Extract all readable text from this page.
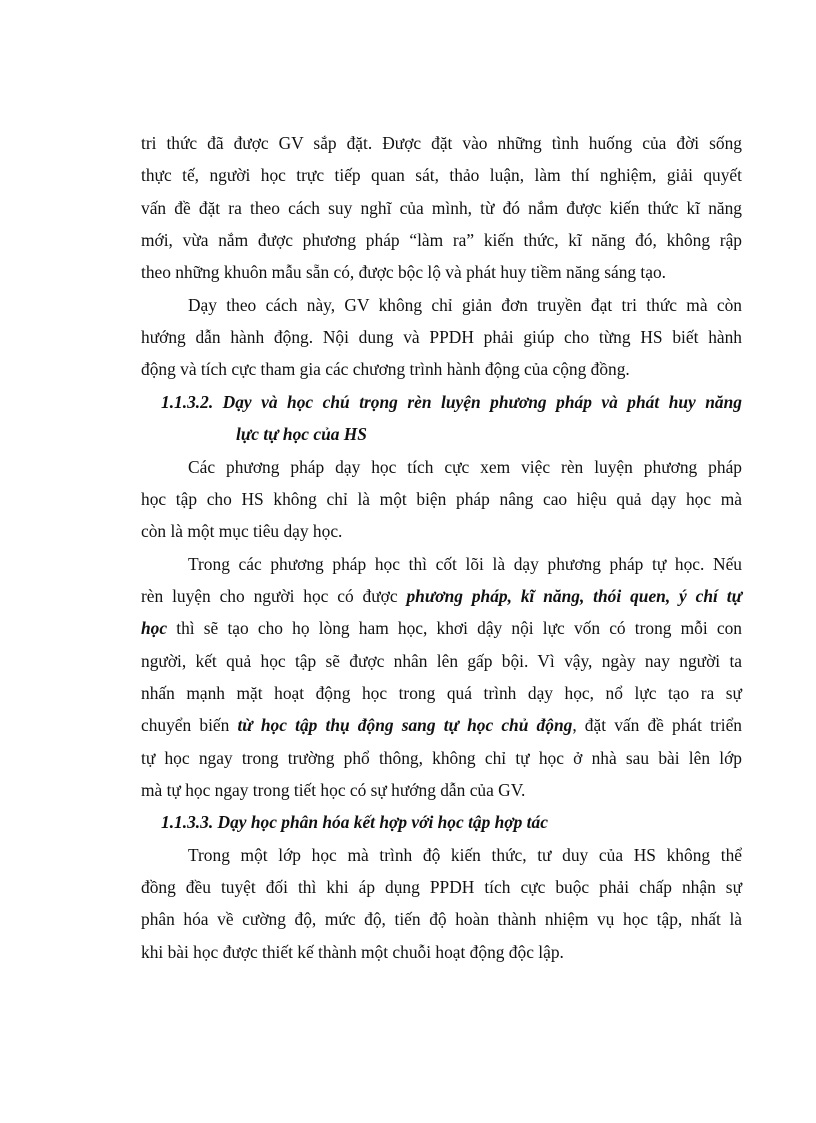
tri thức đã được GV sắp đặt. Được đặt vào những tình huống của đời sống
thực tế, người học trực tiếp quan sát, thảo luận, làm thí nghiệm, giải quyết
vấn đề đặt ra theo cách suy nghĩ của mình, từ đó nắm được kiến thức kĩ năng
mới, vừa nắm được phương pháp “làm ra” kiến thức, kĩ năng đó, không rập
theo những khuôn mẫu sẵn có, được bộc lộ và phát huy tiềm năng sáng tạo.
Dạy theo cách này, GV không chỉ giản đơn truyền đạt tri thức mà còn
hướng dẫn hành động. Nội dung và PPDH phải giúp cho từng HS biết hành
động và tích cực tham gia các chương trình hành động của cộng đồng.
1.1.3.2. Dạy và học chú trọng rèn luyện phương pháp và phát huy năng
lực tự học của HS
Các phương pháp dạy học tích cực xem việc rèn luyện phương pháp
học tập cho HS không chỉ là một biện pháp nâng cao hiệu quả dạy học mà
còn là một mục tiêu dạy học.
Trong các phương pháp học thì cốt lõi là dạy phương pháp tự học. Nếu
rèn luyện cho người học có được phương pháp, kĩ năng, thói quen, ý chí tự
học thì sẽ tạo cho họ lòng ham học, khơi dậy nội lực vốn có trong mỗi con
người, kết quả học tập sẽ được nhân lên gấp bội. Vì vậy, ngày nay người ta
nhấn mạnh mặt hoạt động học trong quá trình dạy học, nổ lực tạo ra sự
chuyển biến từ học tập thụ động sang tự học chủ động, đặt vấn đề phát triển
tự học ngay trong trường phổ thông, không chỉ tự học ở nhà sau bài lên lớp
mà tự học ngay trong tiết học có sự hướng dẫn của GV.
1.1.3.3. Dạy học phân hóa kết hợp với học tập hợp tác
Trong một lớp học mà trình độ kiến thức, tư duy của HS không thể
đồng đều tuyệt đối thì khi áp dụng PPDH tích cực buộc phải chấp nhận sự
phân hóa về cường độ, mức độ, tiến độ hoàn thành nhiệm vụ học tập, nhất là
khi bài học được thiết kế thành một chuỗi hoạt động độc lập.
